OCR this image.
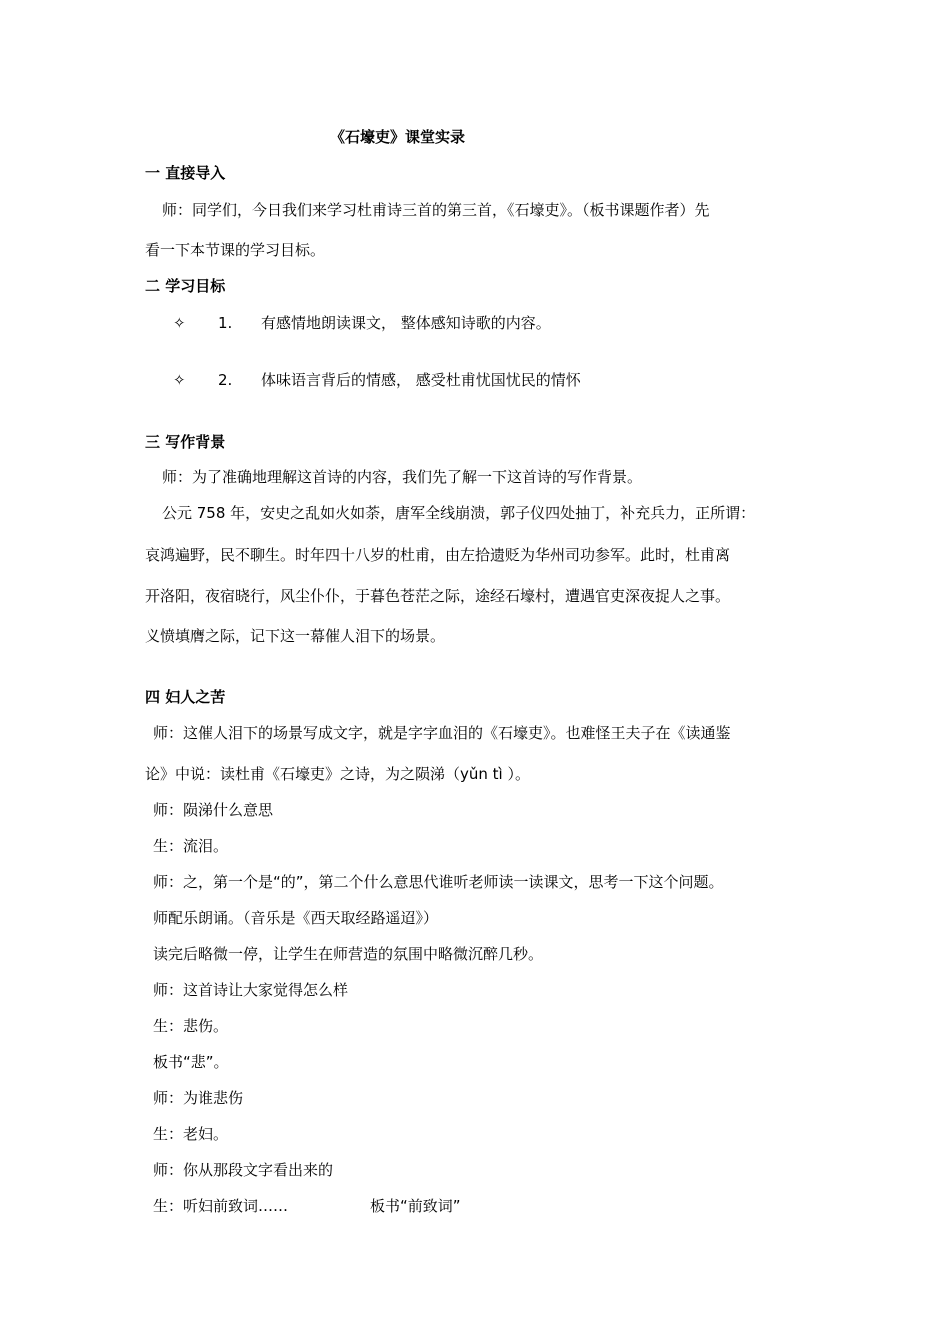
《石壕吏》课堂实录
一 直接导入
师：同学们，今日我们来学习杜甫诗三首的第三首，《石壕吏》。（板书课题作者）先
看一下本节课的学习目标。
二 学习目标
✧ 1. 有感情地朗读课文， 整体感知诗歌的内容。
✧ 2. 体味语言背后的情感， 感受杜甫忧国忧民的情怀
三 写作背景
师：为了准确地理解这首诗的内容，我们先了解一下这首诗的写作背景。
公元 758 年，安史之乱如火如荼，唐军全线崩溃，郭子仪四处抽丁，补充兵力，正所谓：
哀鸿遍野，民不聊生。时年四十八岁的杜甫，由左拾遗贬为华州司功参军。此时，杜甫离
开洛阳，夜宿晓行，风尘仆仆，于暮色苍茫之际，途经石壕村，遭遇官吏深夜捉人之事。
义愤填膺之际，记下这一幕催人泪下的场景。
四 妇人之苦
师：这催人泪下的场景写成文字，就是字字血泪的《石壕吏》。也难怪王夫子在《读通鉴
论》中说：读杜甫《石壕吏》之诗，为之陨涕（yǔn tì ）。
师：陨涕什么意思
生：流泪。
师：之，第一个是“的”，第二个什么意思代谁听老师读一读课文，思考一下这个问题。
师配乐朗诵。（音乐是《西天取经路遥迢》）
读完后略微一停，让学生在师营造的氛围中略微沉醉几秒。
师：这首诗让大家觉得怎么样
生：悲伤。
板书“悲”。
师：为谁悲伤
生：老妇。
师：你从那段文字看出来的
生：听妇前致词……	板书“前致词”
